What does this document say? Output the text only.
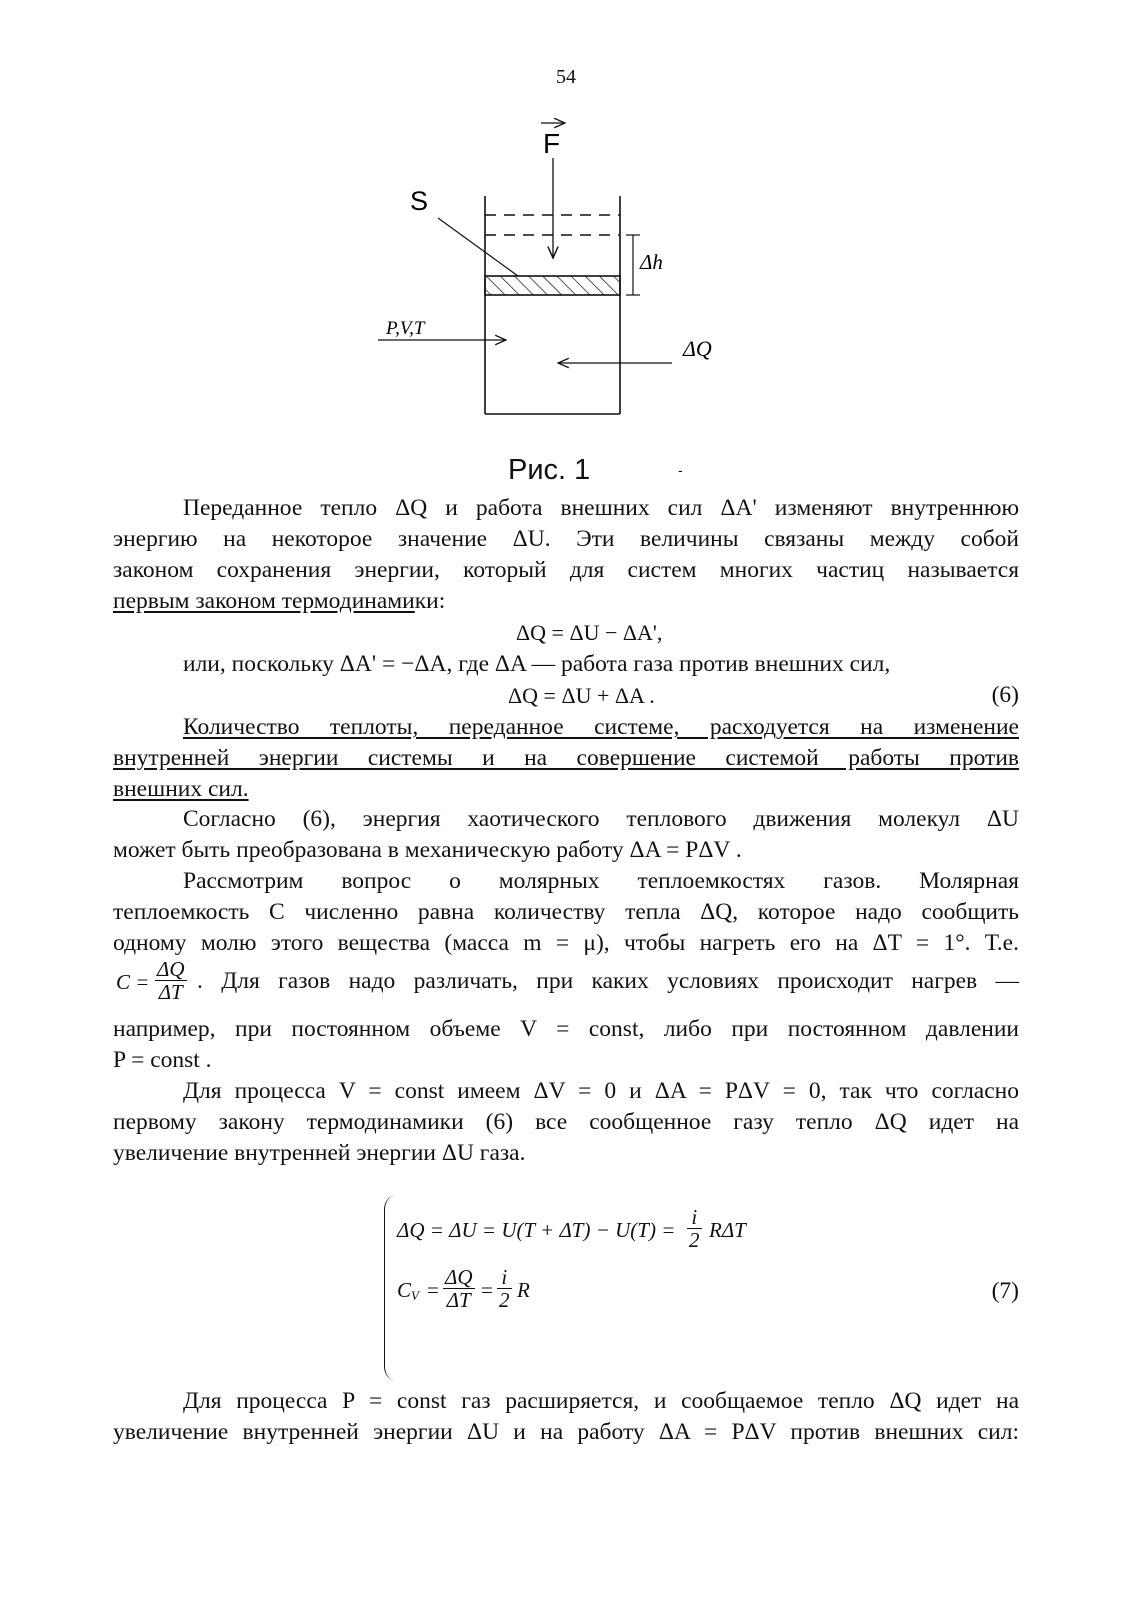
54
F
S
Δh
P,V,T
ΔQ
Рис. 1	-
Переданное тепло ΔQ и работа внешних сил ΔA' изменяют внутреннюю
энергию на некоторое значение ΔU. Эти величины связаны между собой
законом сохранения энергии, который для систем многих частиц называется
первым законом термодинамики:
ΔQ = ΔU − ΔA',
или, поскольку ΔA' = −ΔA, где ΔA — работа газа против внешних сил,
ΔQ = ΔU + ΔA .	(6)
Количество теплоты, переданное системе, расходуется на изменение
внутренней энергии системы и на совершение системой работы против
внешних сил.
Согласно (6), энергия хаотического теплового движения молекул ΔU
может быть преобразована в механическую работу ΔA = PΔV .
Рассмотрим вопрос о молярных теплоемкостях газов. Молярная
теплоемкость C численно равна количеству тепла ΔQ, которое надо сообщить
одному молю этого вещества (масса m = μ), чтобы нагреть его на ΔT = 1°. Т.е.
$C = \frac{\Delta Q}{\Delta T}$ . Для газов надо различать, при каких условиях происходит нагрев —
например, при постоянном объеме V = const, либо при постоянном давлении
P = const .
Для процесса V = const имеем ΔV = 0 и ΔA = PΔV = 0, так что согласно
первому закону термодинамики (6) все сообщенное газу тепло ΔQ идет на
увеличение внутренней энергии ΔU газа.
$\Delta Q = \Delta U = U(T + \Delta T) - U(T) = \frac{i}{2}$ RΔT
C $V = \frac{\Delta Q}{\Delta T} = \frac{i}{2}$ R	(7)
Для процесса P = const газ расширяется, и сообщаемое тепло ΔQ идет на
увеличение внутренней энергии ΔU и на работу ΔA = PΔV против внешних сил:
